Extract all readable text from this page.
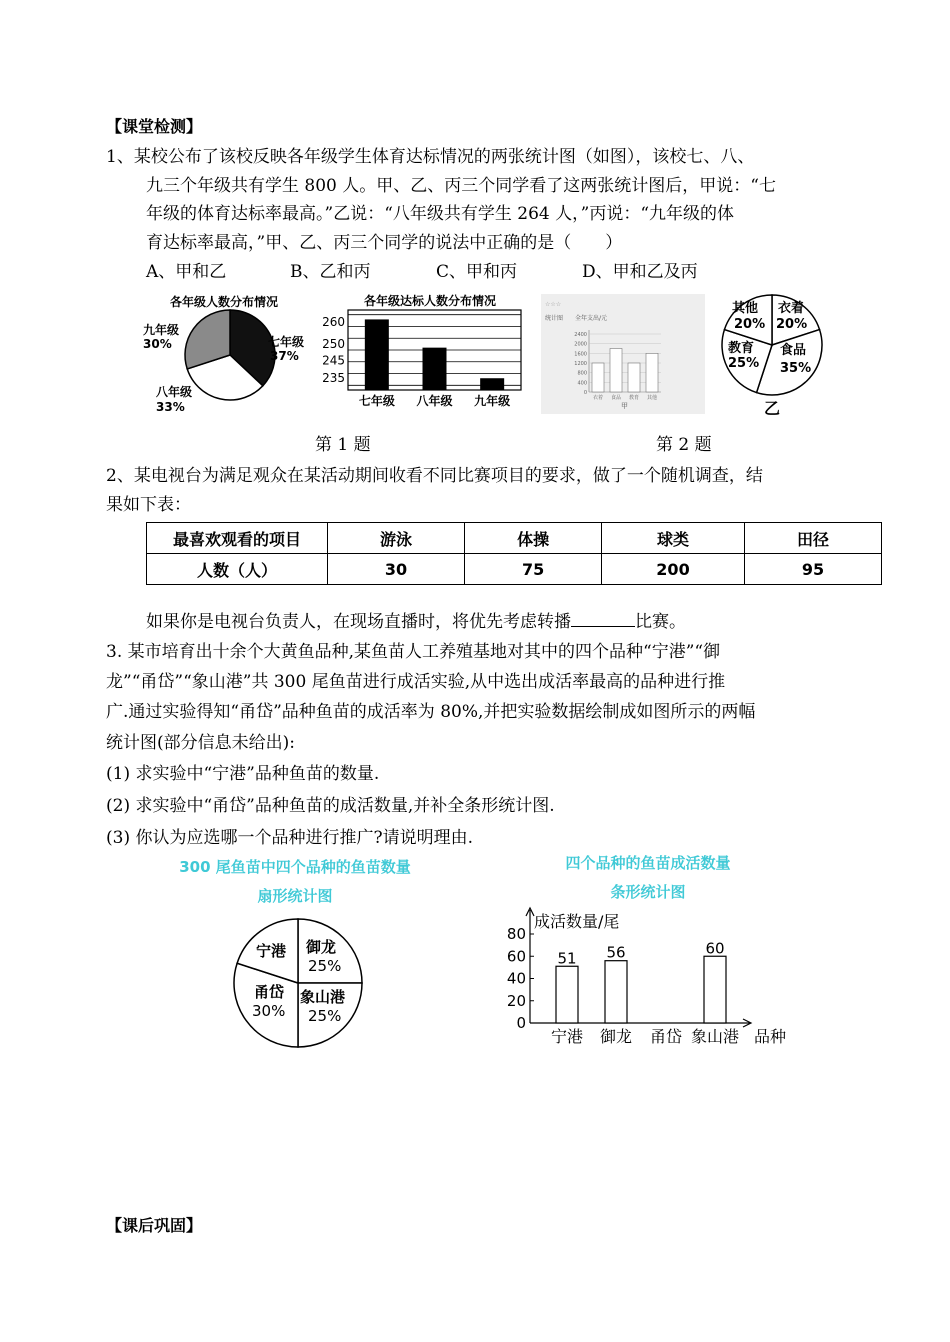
【课堂检测】
1、某校公布了该校反映各年级学生体育达标情况的两张统计图（如图），该校七、八、
九三个年级共有学生 800 人。甲、乙、丙三个同学看了这两张统计图后，甲说：“七
年级的体育达标率最高。”乙说：“八年级共有学生 264 人，”丙说：“九年级的体
育达标率最高，”甲、乙、丙三个同学的说法中正确的是（　　）
A、甲和乙	B、乙和丙	C、甲和丙	D、甲和乙及丙
各年级人数分布情况
七年级
37%
九年级
30%
八年级
33%
各年级达标人数分布情况
235
245
250
260
七年级 八年级 九年级
☆☆☆
统计图 全年支出/元
0
400
800
1200
1600
2000
2400
衣着 食品 教育 其他
甲
其他
20%
衣着
20%
教育
25%
食品
35%
乙
第 1 题	第 2 题
2、某电视台为满足观众在某活动期间收看不同比赛项目的要求，做了一个随机调查，结
果如下表：
最喜欢观看的项目	游泳	体操	球类	田径
人数（人）	30	75	200	95
如果你是电视台负责人，在现场直播时，将优先考虑转播	比赛。
3. 某市培育出十余个大黄鱼品种,某鱼苗人工养殖基地对其中的四个品种“宁港”“御
龙”“甬岱”“象山港”共 300 尾鱼苗进行成活实验,从中选出成活率最高的品种进行推
广.通过实验得知“甬岱”品种鱼苗的成活率为 80%,并把实验数据绘制成如图所示的两幅
统计图(部分信息未给出):
(1) 求实验中“宁港”品种鱼苗的数量.
(2) 求实验中“甬岱”品种鱼苗的成活数量,并补全条形统计图.
(3) 你认为应选哪一个品种进行推广?请说明理由.
300 尾鱼苗中四个品种的鱼苗数量
扇形统计图
宁港 御龙
25%
象山港
25%
甬岱
30%
四个品种的鱼苗成活数量
条形统计图
成活数量/尾
品种
0
20
40
60
80
51
宁港
56
御龙 甬岱
60
象山港
【课后巩固】
